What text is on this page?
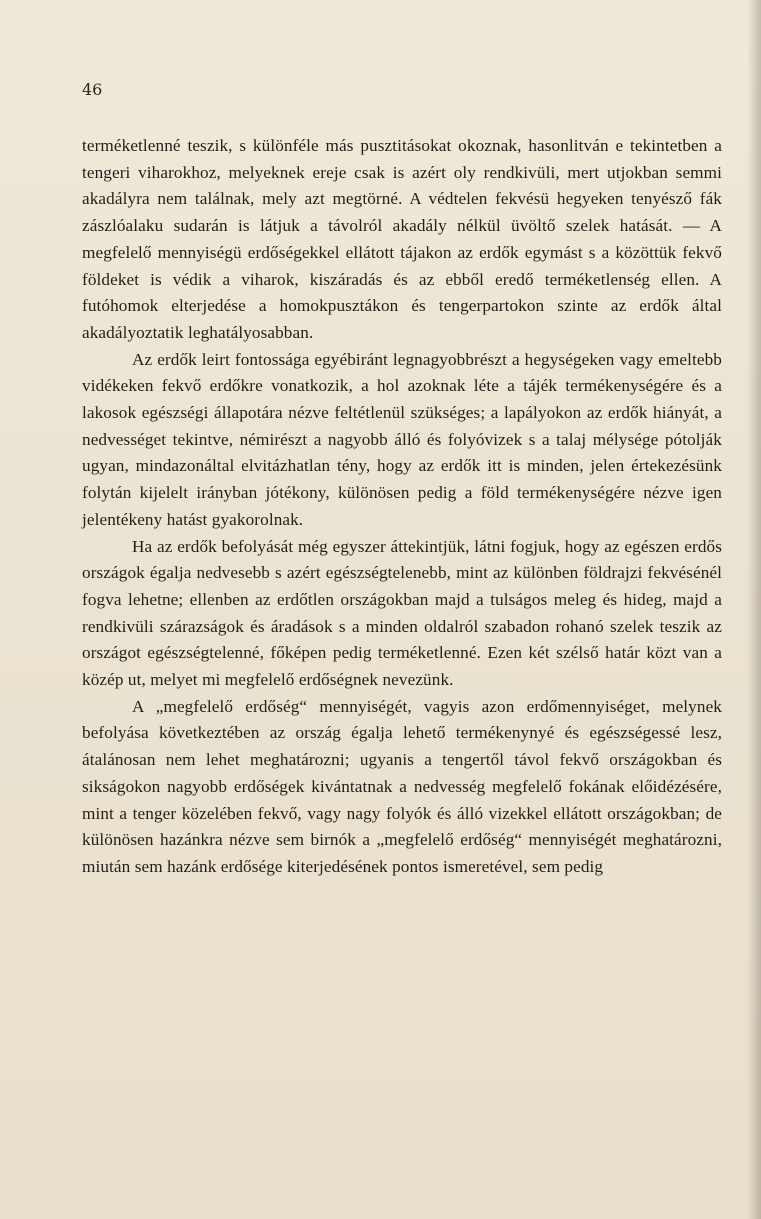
46

terméketlenné teszik, s különféle más pusztitásokat okoznak, hasonlitván e tekintetben a tengeri viharokhoz, melyeknek ereje csak is azért oly rendkivüli, mert utjokban semmi akadályra nem találnak, mely azt megtörné. A védtelen fekvésü hegyeken tenyésző fák zászlóalaku sudarán is látjuk a távolról akadály nélkül üvöltő szelek hatását. — A megfelelő mennyiségü erdőségekkel ellátott tájakon az erdők egymást s a közöttük fekvő földeket is védik a viharok, kiszáradás és az ebből eredő terméketlenség ellen. A futóhomok elterjedése a homokpusztákon és tengerpartokon szinte az erdők által akadályoztatik leghatályosabban.

Az erdők leirt fontossága egyébiránt legnagyobbrészt a hegységeken vagy emeltebb vidékeken fekvő erdőkre vonatkozik, a hol azoknak léte a tájék termékenységére és a lakosok egészségi állapotára nézve feltétlenül szükséges; a lapályokon az erdők hiányát, a nedvességet tekintve, némirészt a nagyobb álló és folyóvizek s a talaj mélysége pótolják ugyan, mindazonáltal elvitázhatlan tény, hogy az erdők itt is minden, jelen értekezésünk folytán kijelelt irányban jótékony, különösen pedig a föld termékenységére nézve igen jelentékeny hatást gyakorolnak.

Ha az erdők befolyását még egyszer áttekintjük, látni fogjuk, hogy az egészen erdős országok égalja nedvesebb s azért egészségtelenebb, mint az különben földrajzi fekvésénél fogva lehetne; ellenben az erdőtlen országokban majd a tulságos meleg és hideg, majd a rendkivüli szárazságok és áradások s a minden oldalról szabadon rohanó szelek teszik az országot egészségtelenné, főképen pedig terméketlenné. Ezen két szélső határ közt van a közép ut, melyet mi megfelelő erdőségnek nevezünk.

A „megfelelő erdőség“ mennyiségét, vagyis azon erdőmennyiséget, melynek befolyása következtében az ország égalja lehető termékenynyé és egészségessé lesz, átalánosan nem lehet meghatározni; ugyanis a tengertől távol fekvő országokban és sikságokon nagyobb erdőségek kivántatnak a nedvesség megfelelő fokának előidézésére, mint a tenger közelében fekvő, vagy nagy folyók és álló vizekkel ellátott országokban; de különösen hazánkra nézve sem birnók a „megfelelő erdőség“ mennyiségét meghatározni, miután sem hazánk erdősége kiterjedésének pontos ismeretével, sem pedig
